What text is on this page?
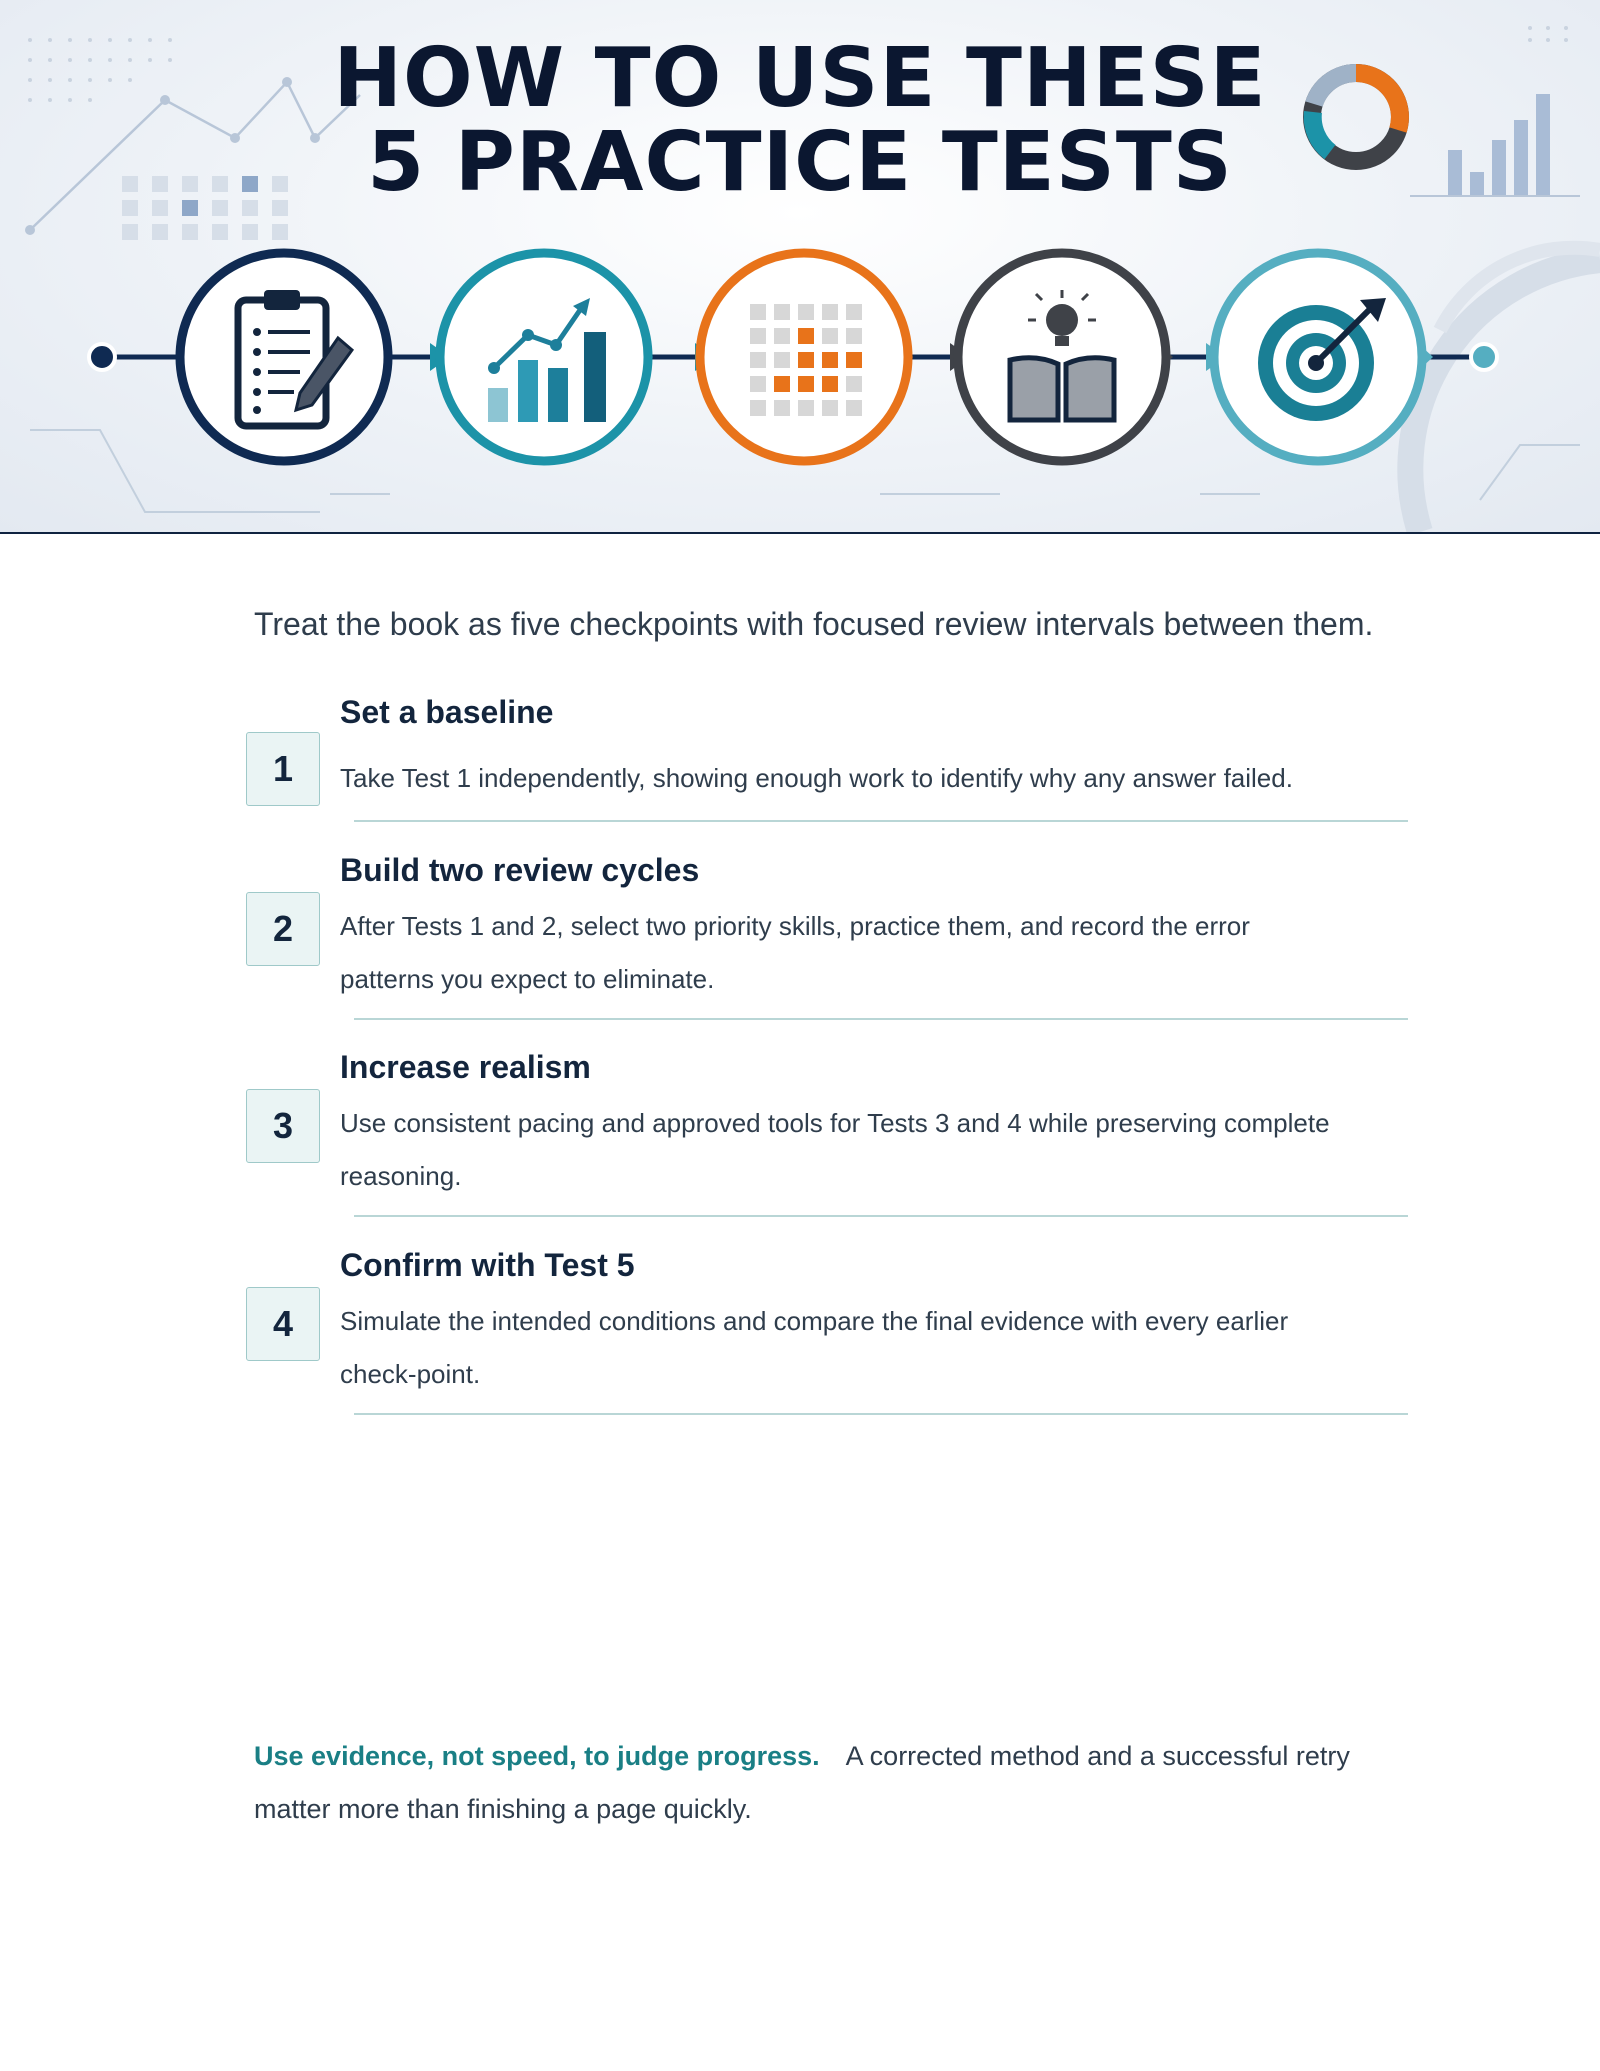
HOW TO USE THESE
5 PRACTICE TESTS

Treat the book as five checkpoints with focused review intervals between them.

1
Set a baseline

Take Test 1 independently, showing enough work to identify why any answer failed.

2
Build two review cycles

After Tests 1 and 2, select two priority skills, practice them, and record the error patterns you expect to eliminate.

3
Increase realism

Use consistent pacing and approved tools for Tests 3 and 4 while preserving complete reasoning.

4
Confirm with Test 5

Simulate the intended conditions and compare the final evidence with every earlier check-point.

Use evidence, not speed, to judge progress. A corrected method and a successful retry matter more than finishing a page quickly.
